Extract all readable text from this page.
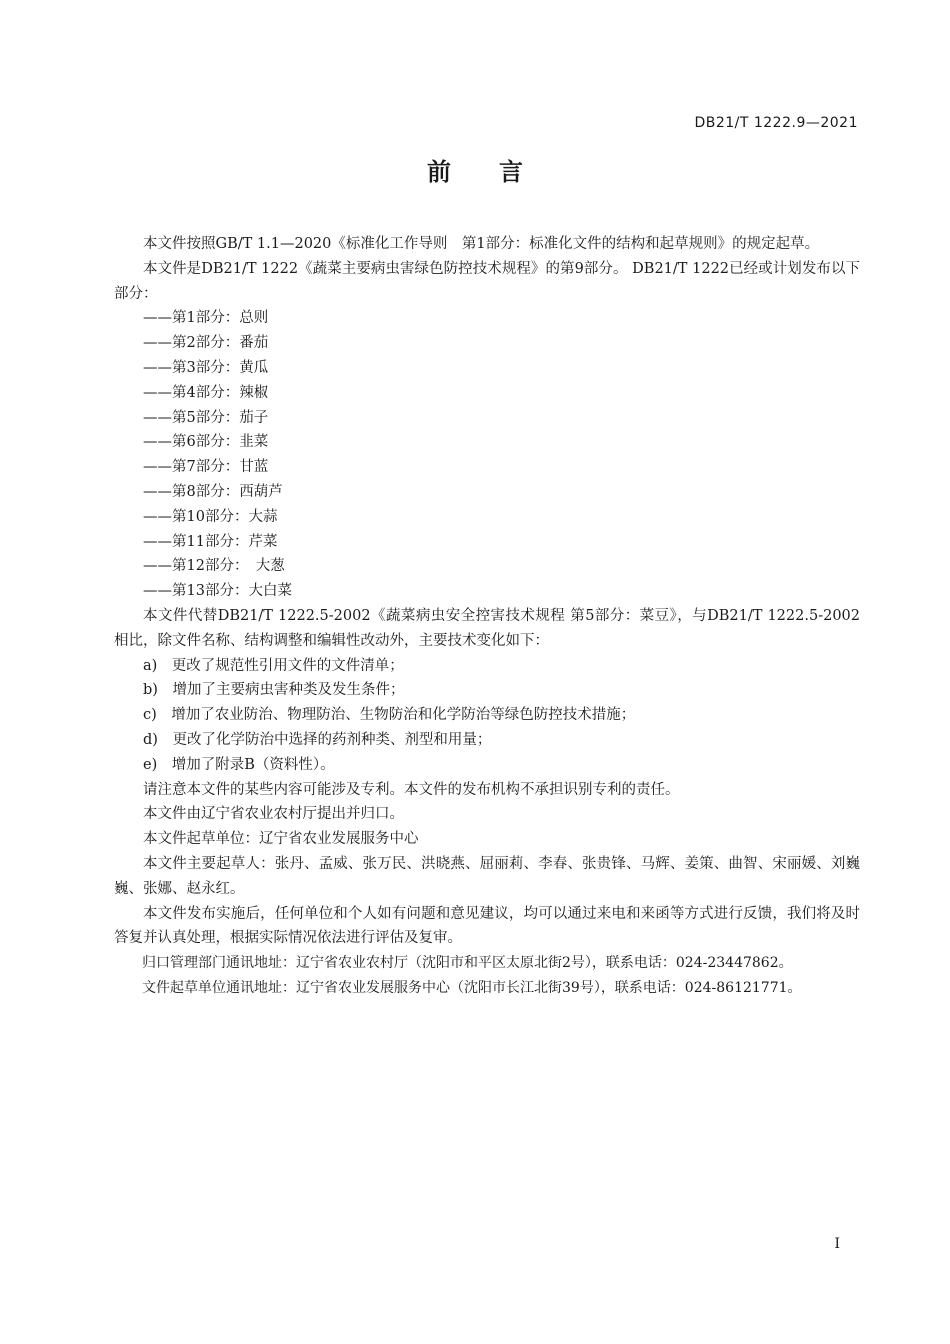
DB21/T 1222.9—2021
前 言

本文件按照GB/T 1.1—2020《标准化工作导则　第1部分：标准化文件的结构和起草规则》的规定起草。

本文件是DB21/T 1222《蔬菜主要病虫害绿色防控技术规程》的第9部分。 DB21/T 1222已经或计划发布以下部分：

——第1部分：总则

——第2部分：番茄

——第3部分：黄瓜

——第4部分：辣椒

——第5部分：茄子

——第6部分：韭菜

——第7部分：甘蓝

——第8部分：西葫芦

——第10部分：大蒜

——第11部分：芹菜

——第12部分：　大葱

——第13部分：大白菜

本文件代替DB21/T 1222.5-2002《蔬菜病虫安全控害技术规程 第5部分：菜豆》，与DB21/T 1222.5-2002相比，除文件名称、结构调整和编辑性改动外，主要技术变化如下：

a)　更改了规范性引用文件的文件清单；

b)　增加了主要病虫害种类及发生条件；

c)　增加了农业防治、物理防治、生物防治和化学防治等绿色防控技术措施；

d)　更改了化学防治中选择的药剂种类、剂型和用量；

e)　增加了附录B（资料性）。

请注意本文件的某些内容可能涉及专利。本文件的发布机构不承担识别专利的责任。

本文件由辽宁省农业农村厅提出并归口。

本文件起草单位：辽宁省农业发展服务中心

本文件主要起草人：张丹、孟威、张万民、洪晓燕、屈丽莉、李春、张贵锋、马辉、姜策、曲智、宋丽媛、刘巍巍、张娜、赵永红。

本文件发布实施后，任何单位和个人如有问题和意见建议，均可以通过来电和来函等方式进行反馈，我们将及时答复并认真处理，根据实际情况依法进行评估及复审。

归口管理部门通讯地址：辽宁省农业农村厅（沈阳市和平区太原北街2号），联系电话：024-23447862。

文件起草单位通讯地址：辽宁省农业发展服务中心（沈阳市长江北街39号），联系电话：024-86121771。

I
